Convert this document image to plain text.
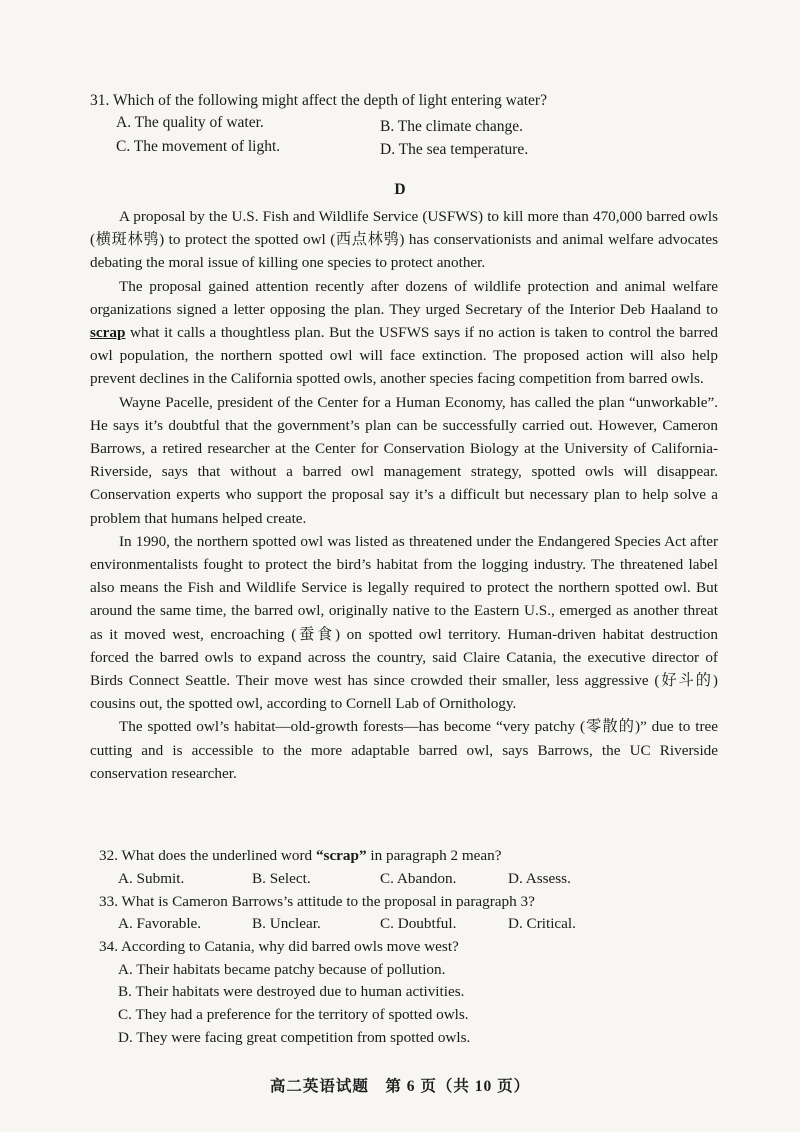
31. Which of the following might affect the depth of light entering water?

A. The quality of water.	B. The climate change.
C. The movement of light.	D. The sea temperature.
D

A proposal by the U.S. Fish and Wildlife Service (USFWS) to kill more than 470,000 barred owls (横斑林鸮) to protect the spotted owl (西点林鸮) has conservationists and animal welfare advocates debating the moral issue of killing one species to protect another.

The proposal gained attention recently after dozens of wildlife protection and animal welfare organizations signed a letter opposing the plan. They urged Secretary of the Interior Deb Haaland to scrap what it calls a thoughtless plan. But the USFWS says if no action is taken to control the barred owl population, the northern spotted owl will face extinction. The proposed action will also help prevent declines in the California spotted owls, another species facing competition from barred owls.

Wayne Pacelle, president of the Center for a Human Economy, has called the plan “unworkable”. He says it’s doubtful that the government’s plan can be successfully carried out. However, Cameron Barrows, a retired researcher at the Center for Conservation Biology at the University of California-Riverside, says that without a barred owl management strategy, spotted owls will disappear. Conservation experts who support the proposal say it’s a difficult but necessary plan to help solve a problem that humans helped create.

In 1990, the northern spotted owl was listed as threatened under the Endangered Species Act after environmentalists fought to protect the bird’s habitat from the logging industry. The threatened label also means the Fish and Wildlife Service is legally required to protect the northern spotted owl. But around the same time, the barred owl, originally native to the Eastern U.S., emerged as another threat as it moved west, encroaching (蚕食) on spotted owl territory. Human-driven habitat destruction forced the barred owls to expand across the country, said Claire Catania, the executive director of Birds Connect Seattle. Their move west has since crowded their smaller, less aggressive (好斗的) cousins out, the spotted owl, according to Cornell Lab of Ornithology.

The spotted owl’s habitat—old-growth forests—has become “very patchy (零散的)” due to tree cutting and is accessible to the more adaptable barred owl, says Barrows, the UC Riverside conservation researcher.

32. What does the underlined word “scrap” in paragraph 2 mean?

A. Submit.	B. Select.	C. Abandon.	D. Assess.

33. What is Cameron Barrows’s attitude to the proposal in paragraph 3?

A. Favorable.	B. Unclear.	C. Doubtful.	D. Critical.

34. According to Catania, why did barred owls move west?

A. Their habitats became patchy because of pollution.

B. Their habitats were destroyed due to human activities.

C. They had a preference for the territory of spotted owls.

D. They were facing great competition from spotted owls.

高二英语试题　第 6 页（共 10 页）
